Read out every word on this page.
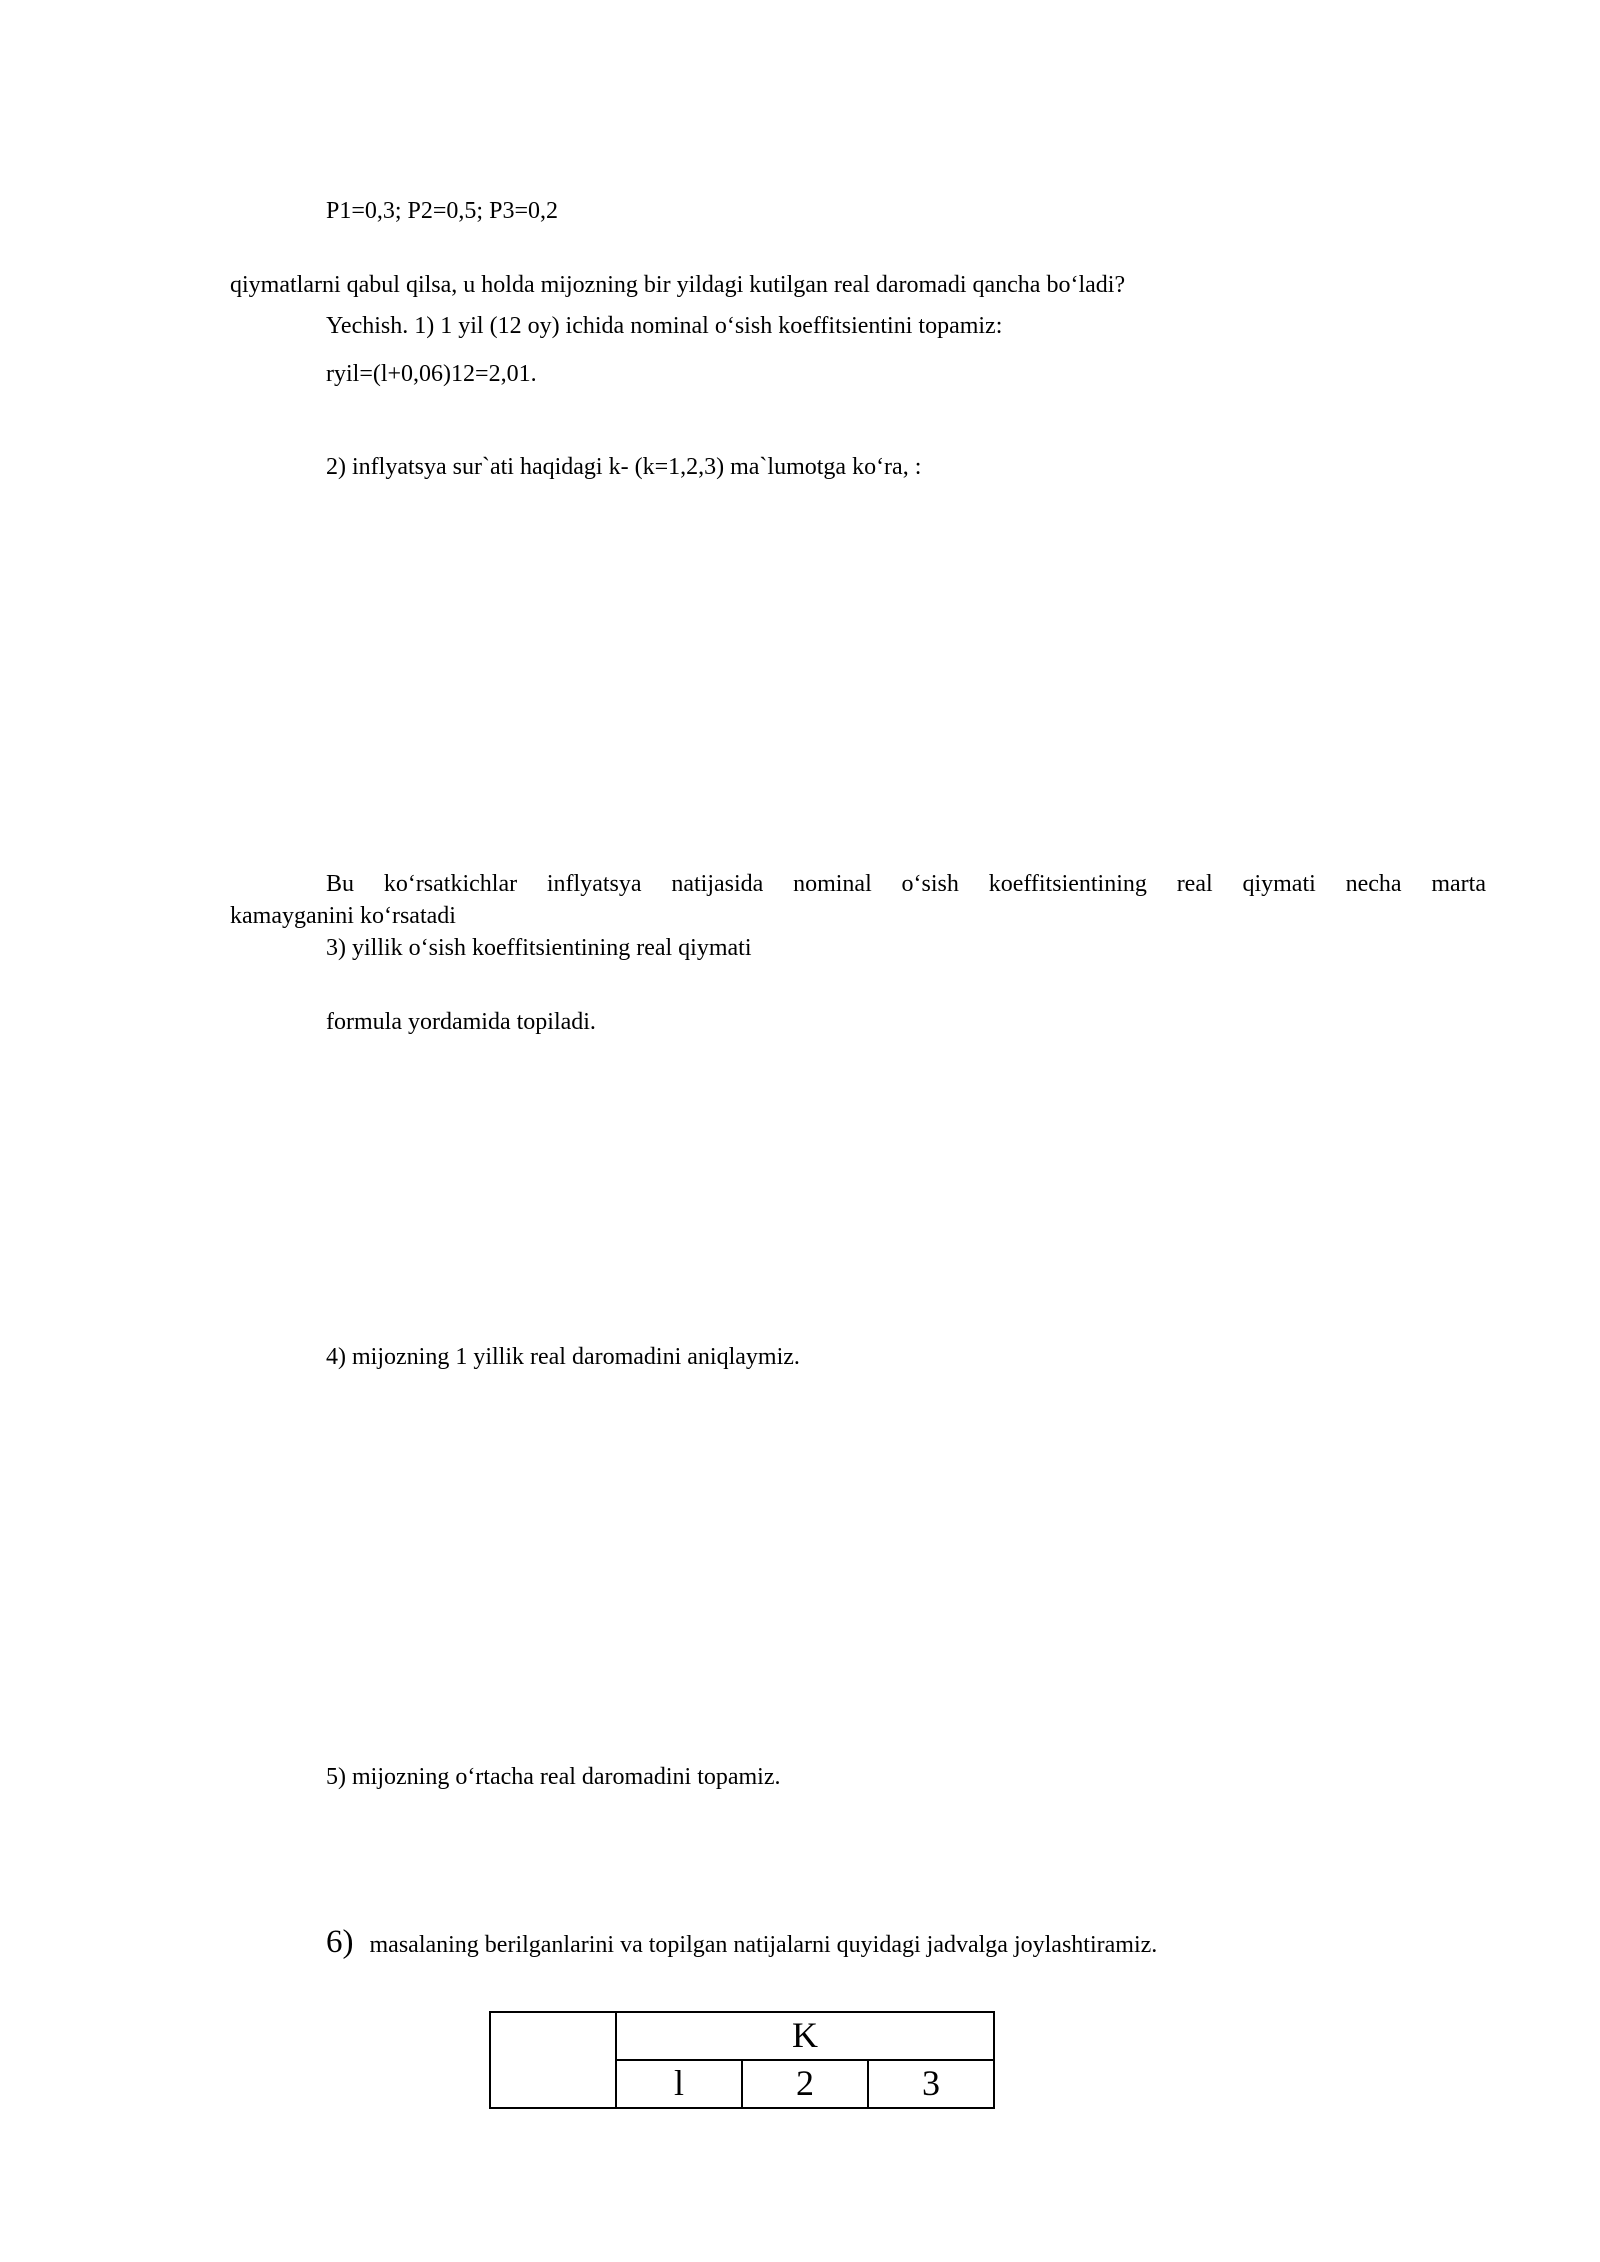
P1=0,3; P2=0,5; P3=0,2
qiymatlarni qabul qilsa, u holda mijozning bir yildagi kutilgan real daromadi qancha bo‘ladi?
Yechish. 1) 1 yil (12 oy) ichida nominal o‘sish koeffitsientini topamiz:
ryil=(l+0,06)12=2,01.
2) inflyatsya sur`ati haqidagi k- (k=1,2,3) ma`lumotga ko‘ra, :
Bu ko‘rsatkichlar inflyatsya natijasida nominal o‘sish koeffitsientining real qiymati necha marta
kamayganini ko‘rsatadi
3) yillik o‘sish koeffitsientining real qiymati
formula yordamida topiladi.
4) mijozning 1 yillik real daromadini aniqlaymiz.
5) mijozning o‘rtacha real daromadini topamiz.
6) masalaning berilganlarini va topilgan natijalarni quyidagi jadvalga joylashtiramiz.
	K		
	l	2	3
